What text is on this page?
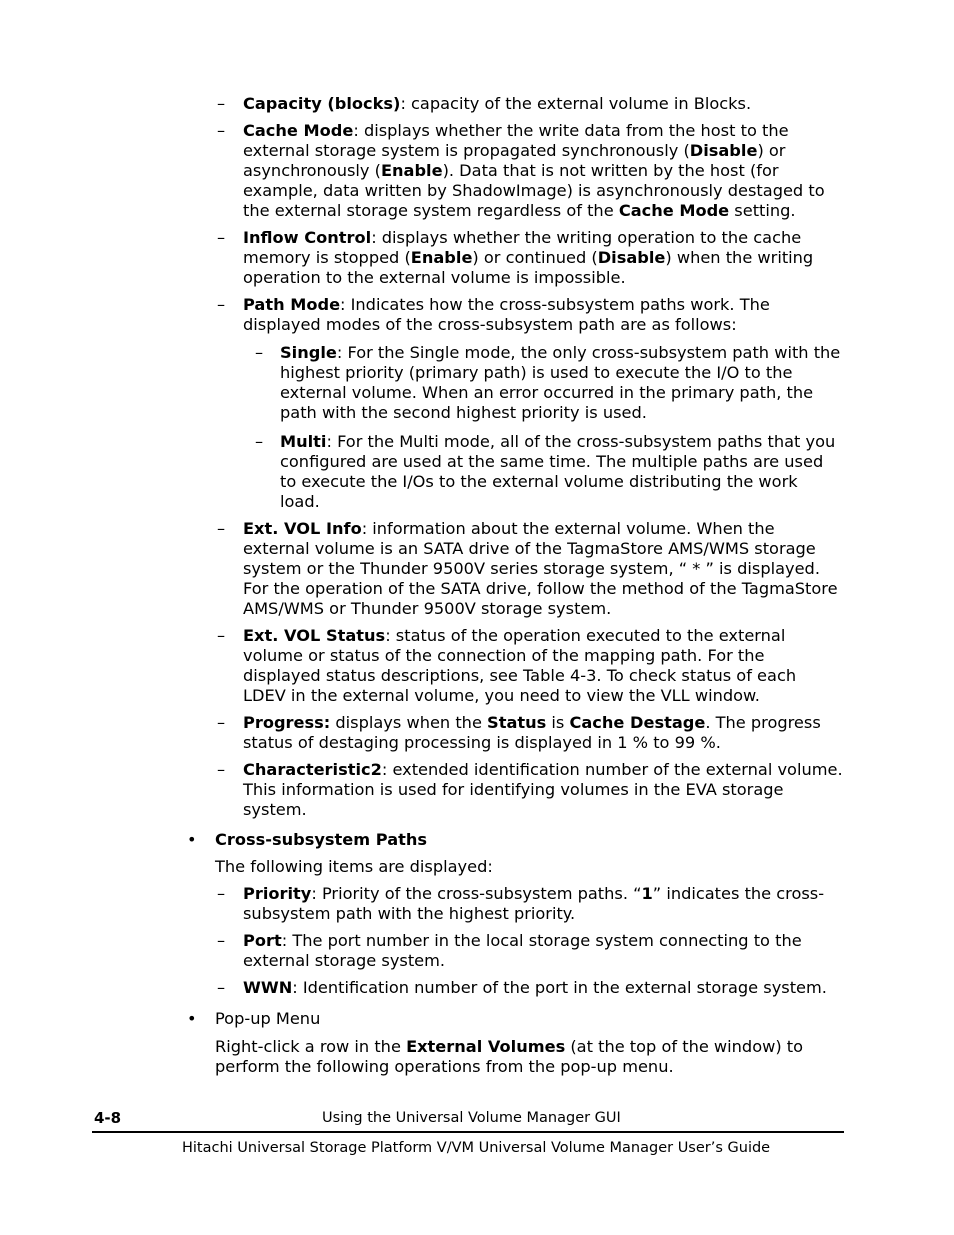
– Capacity (blocks): capacity of the external volume in Blocks.
– Cache Mode: displays whether the write data from the host to the external storage system is propagated synchronously (Disable) or asynchronously (Enable). Data that is not written by the host (for example, data written by ShadowImage) is asynchronously destaged to the external storage system regardless of the Cache Mode setting.
– Inflow Control: displays whether the writing operation to the cache memory is stopped (Enable) or continued (Disable) when the writing operation to the external volume is impossible.
– Path Mode: Indicates how the cross-subsystem paths work. The displayed modes of the cross-subsystem path are as follows:
– Single: For the Single mode, the only cross-subsystem path with the highest priority (primary path) is used to execute the I/O to the external volume. When an error occurred in the primary path, the path with the second highest priority is used.
– Multi: For the Multi mode, all of the cross-subsystem paths that you configured are used at the same time. The multiple paths are used to execute the I/Os to the external volume distributing the work load.
– Ext. VOL Info: information about the external volume. When the external volume is an SATA drive of the TagmaStore AMS/WMS storage system or the Thunder 9500V series storage system, “ * ” is displayed. For the operation of the SATA drive, follow the method of the TagmaStore AMS/WMS or Thunder 9500V storage system.
– Ext. VOL Status: status of the operation executed to the external volume or status of the connection of the mapping path. For the displayed status descriptions, see Table 4-3. To check status of each LDEV in the external volume, you need to view the VLL window.
– Progress: displays when the Status is Cache Destage. The progress status of destaging processing is displayed in 1 % to 99 %.
– Characteristic2: extended identification number of the external volume. This information is used for identifying volumes in the EVA storage system.
• Cross-subsystem Paths
The following items are displayed:
– Priority: Priority of the cross-subsystem paths. “1” indicates the cross-subsystem path with the highest priority.
– Port: The port number in the local storage system connecting to the external storage system.
– WWN: Identification number of the port in the external storage system.
• Pop-up Menu
Right-click a row in the External Volumes (at the top of the window) to perform the following operations from the pop-up menu.
4-8	Using the Universal Volume Manager GUI
Hitachi Universal Storage Platform V/VM Universal Volume Manager User’s Guide
